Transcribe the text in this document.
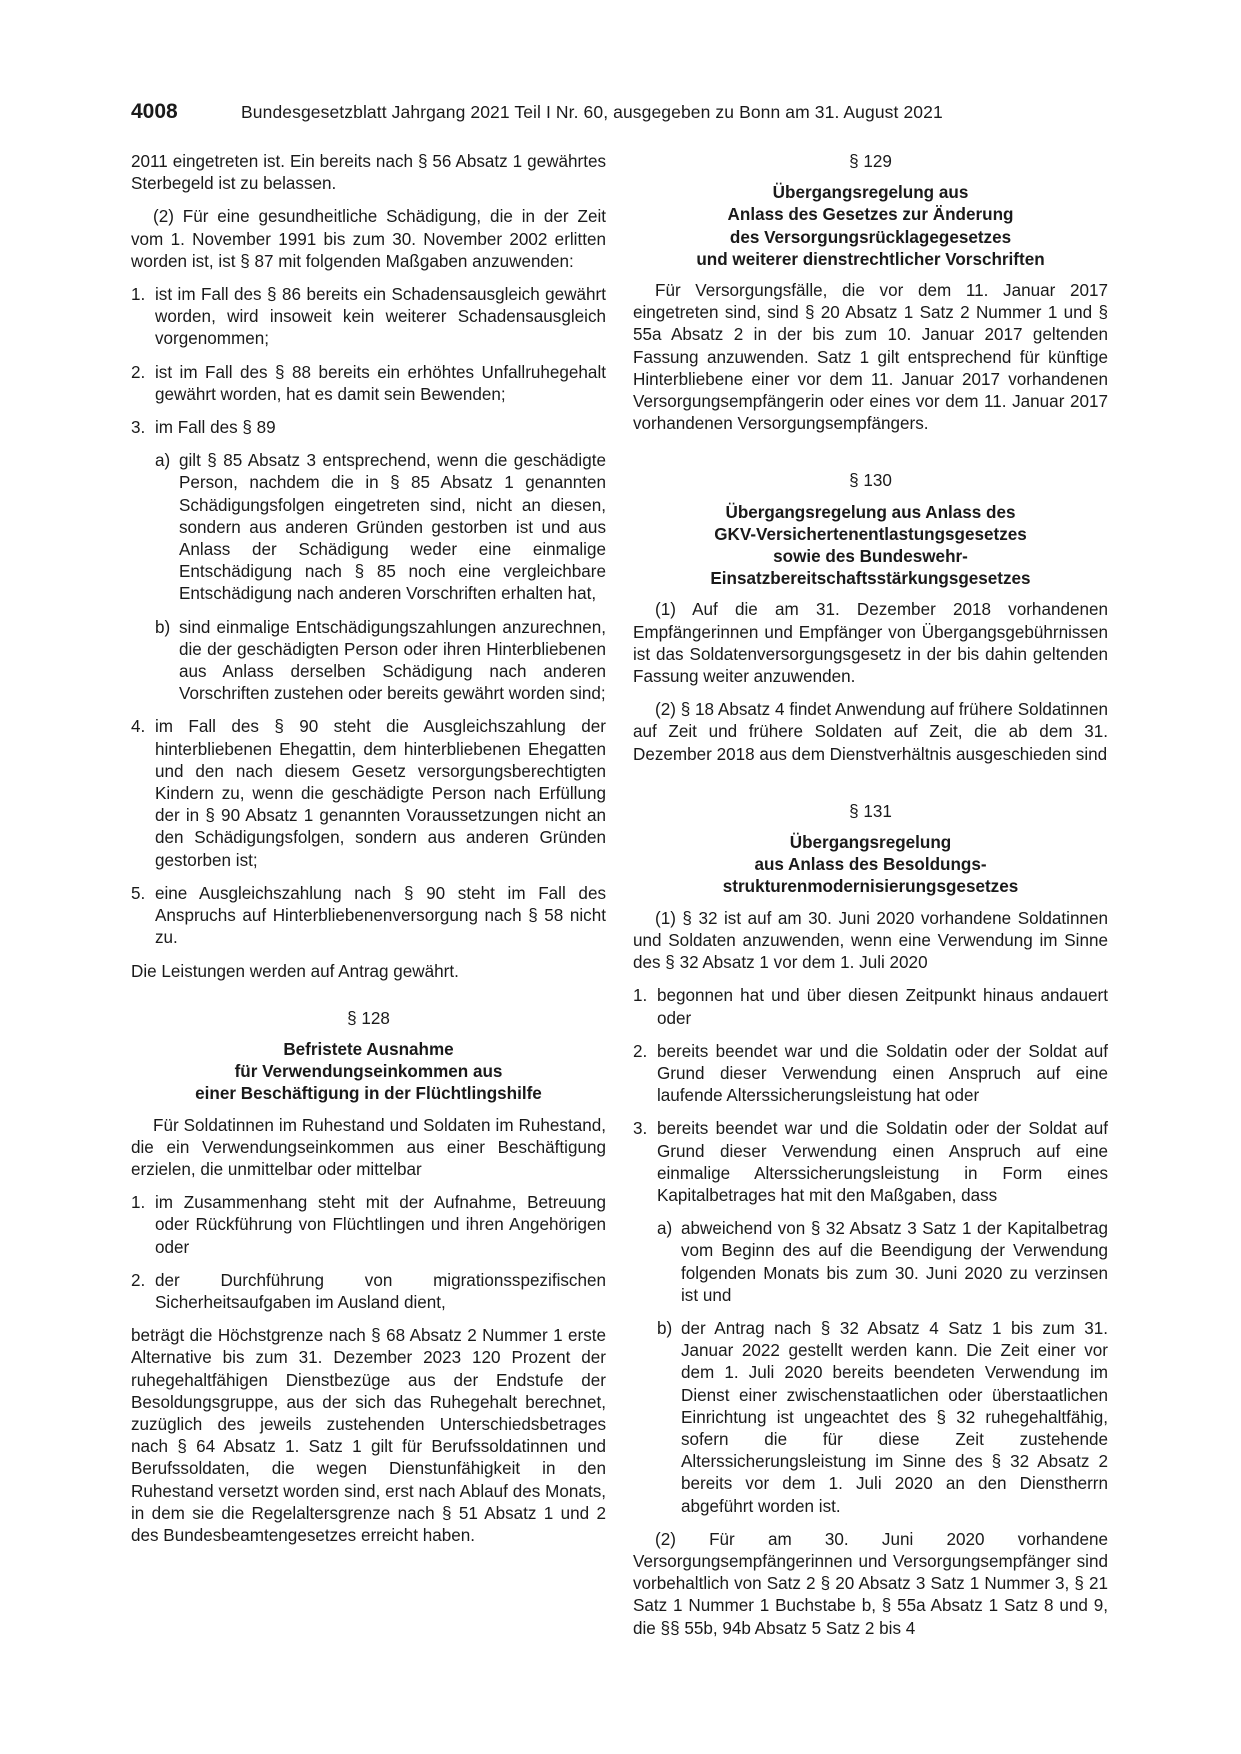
4008	Bundesgesetzblatt Jahrgang 2021 Teil I Nr. 60, ausgegeben zu Bonn am 31. August 2021

2011 eingetreten ist. Ein bereits nach § 56 Absatz 1 gewährtes Sterbegeld ist zu belassen.

(2) Für eine gesundheitliche Schädigung, die in der Zeit vom 1. November 1991 bis zum 30. November 2002 erlitten worden ist, ist § 87 mit folgenden Maßgaben anzuwenden:

1. ist im Fall des § 86 bereits ein Schadensausgleich gewährt worden, wird insoweit kein weiterer Schadensausgleich vorgenommen;
2. ist im Fall des § 88 bereits ein erhöhtes Unfallruhegehalt gewährt worden, hat es damit sein Bewenden;
3. im Fall des § 89
a) gilt § 85 Absatz 3 entsprechend, wenn die geschädigte Person, nachdem die in § 85 Absatz 1 genannten Schädigungsfolgen eingetreten sind, nicht an diesen, sondern aus anderen Gründen gestorben ist und aus Anlass der Schädigung weder eine einmalige Entschädigung nach § 85 noch eine vergleichbare Entschädigung nach anderen Vorschriften erhalten hat,
b) sind einmalige Entschädigungszahlungen anzurechnen, die der geschädigten Person oder ihren Hinterbliebenen aus Anlass derselben Schädigung nach anderen Vorschriften zustehen oder bereits gewährt worden sind;
4. im Fall des § 90 steht die Ausgleichszahlung der hinterbliebenen Ehegattin, dem hinterbliebenen Ehegatten und den nach diesem Gesetz versorgungsberechtigten Kindern zu, wenn die geschädigte Person nach Erfüllung der in § 90 Absatz 1 genannten Voraussetzungen nicht an den Schädigungsfolgen, sondern aus anderen Gründen gestorben ist;
5. eine Ausgleichszahlung nach § 90 steht im Fall des Anspruchs auf Hinterbliebenenversorgung nach § 58 nicht zu.

Die Leistungen werden auf Antrag gewährt.

§ 128
Befristete Ausnahme
für Verwendungseinkommen aus
einer Beschäftigung in der Flüchtlingshilfe

Für Soldatinnen im Ruhestand und Soldaten im Ruhestand, die ein Verwendungseinkommen aus einer Beschäftigung erzielen, die unmittelbar oder mittelbar

1. im Zusammenhang steht mit der Aufnahme, Betreuung oder Rückführung von Flüchtlingen und ihren Angehörigen oder
2. der Durchführung von migrationsspezifischen Sicherheitsaufgaben im Ausland dient,

beträgt die Höchstgrenze nach § 68 Absatz 2 Nummer 1 erste Alternative bis zum 31. Dezember 2023 120 Prozent der ruhegehaltfähigen Dienstbezüge aus der Endstufe der Besoldungsgruppe, aus der sich das Ruhegehalt berechnet, zuzüglich des jeweils zustehenden Unterschiedsbetrages nach § 64 Absatz 1. Satz 1 gilt für Berufssoldatinnen und Berufssoldaten, die wegen Dienstunfähigkeit in den Ruhestand versetzt worden sind, erst nach Ablauf des Monats, in dem sie die Regelaltersgrenze nach § 51 Absatz 1 und 2 des Bundesbeamtengesetzes erreicht haben.

§ 129
Übergangsregelung aus
Anlass des Gesetzes zur Änderung
des Versorgungsrücklagegesetzes
und weiterer dienstrechtlicher Vorschriften

Für Versorgungsfälle, die vor dem 11. Januar 2017 eingetreten sind, sind § 20 Absatz 1 Satz 2 Nummer 1 und § 55a Absatz 2 in der bis zum 10. Januar 2017 geltenden Fassung anzuwenden. Satz 1 gilt entsprechend für künftige Hinterbliebene einer vor dem 11. Januar 2017 vorhandenen Versorgungsempfängerin oder eines vor dem 11. Januar 2017 vorhandenen Versorgungsempfängers.

§ 130
Übergangsregelung aus Anlass des
GKV-Versichertenentlastungsgesetzes
sowie des Bundeswehr-
Einsatzbereitschaftsstärkungsgesetzes

(1) Auf die am 31. Dezember 2018 vorhandenen Empfängerinnen und Empfänger von Übergangsgebührnissen ist das Soldatenversorgungsgesetz in der bis dahin geltenden Fassung weiter anzuwenden.

(2) § 18 Absatz 4 findet Anwendung auf frühere Soldatinnen auf Zeit und frühere Soldaten auf Zeit, die ab dem 31. Dezember 2018 aus dem Dienstverhältnis ausgeschieden sind

§ 131
Übergangsregelung
aus Anlass des Besoldungs-
strukturenmodernisierungsgesetzes

(1) § 32 ist auf am 30. Juni 2020 vorhandene Soldatinnen und Soldaten anzuwenden, wenn eine Verwendung im Sinne des § 32 Absatz 1 vor dem 1. Juli 2020

1. begonnen hat und über diesen Zeitpunkt hinaus andauert oder
2. bereits beendet war und die Soldatin oder der Soldat auf Grund dieser Verwendung einen Anspruch auf eine laufende Alterssicherungsleistung hat oder
3. bereits beendet war und die Soldatin oder der Soldat auf Grund dieser Verwendung einen Anspruch auf eine einmalige Alterssicherungsleistung in Form eines Kapitalbetrages hat mit den Maßgaben, dass
a) abweichend von § 32 Absatz 3 Satz 1 der Kapitalbetrag vom Beginn des auf die Beendigung der Verwendung folgenden Monats bis zum 30. Juni 2020 zu verzinsen ist und
b) der Antrag nach § 32 Absatz 4 Satz 1 bis zum 31. Januar 2022 gestellt werden kann. Die Zeit einer vor dem 1. Juli 2020 bereits beendeten Verwendung im Dienst einer zwischenstaatlichen oder überstaatlichen Einrichtung ist ungeachtet des § 32 ruhegehaltfähig, sofern die für diese Zeit zustehende Alterssicherungsleistung im Sinne des § 32 Absatz 2 bereits vor dem 1. Juli 2020 an den Dienstherrn abgeführt worden ist.

(2) Für am 30. Juni 2020 vorhandene Versorgungsempfängerinnen und Versorgungsempfänger sind vorbehaltlich von Satz 2 § 20 Absatz 3 Satz 1 Nummer 3, § 21 Satz 1 Nummer 1 Buchstabe b, § 55a Absatz 1 Satz 8 und 9, die §§ 55b, 94b Absatz 5 Satz 2 bis 4
